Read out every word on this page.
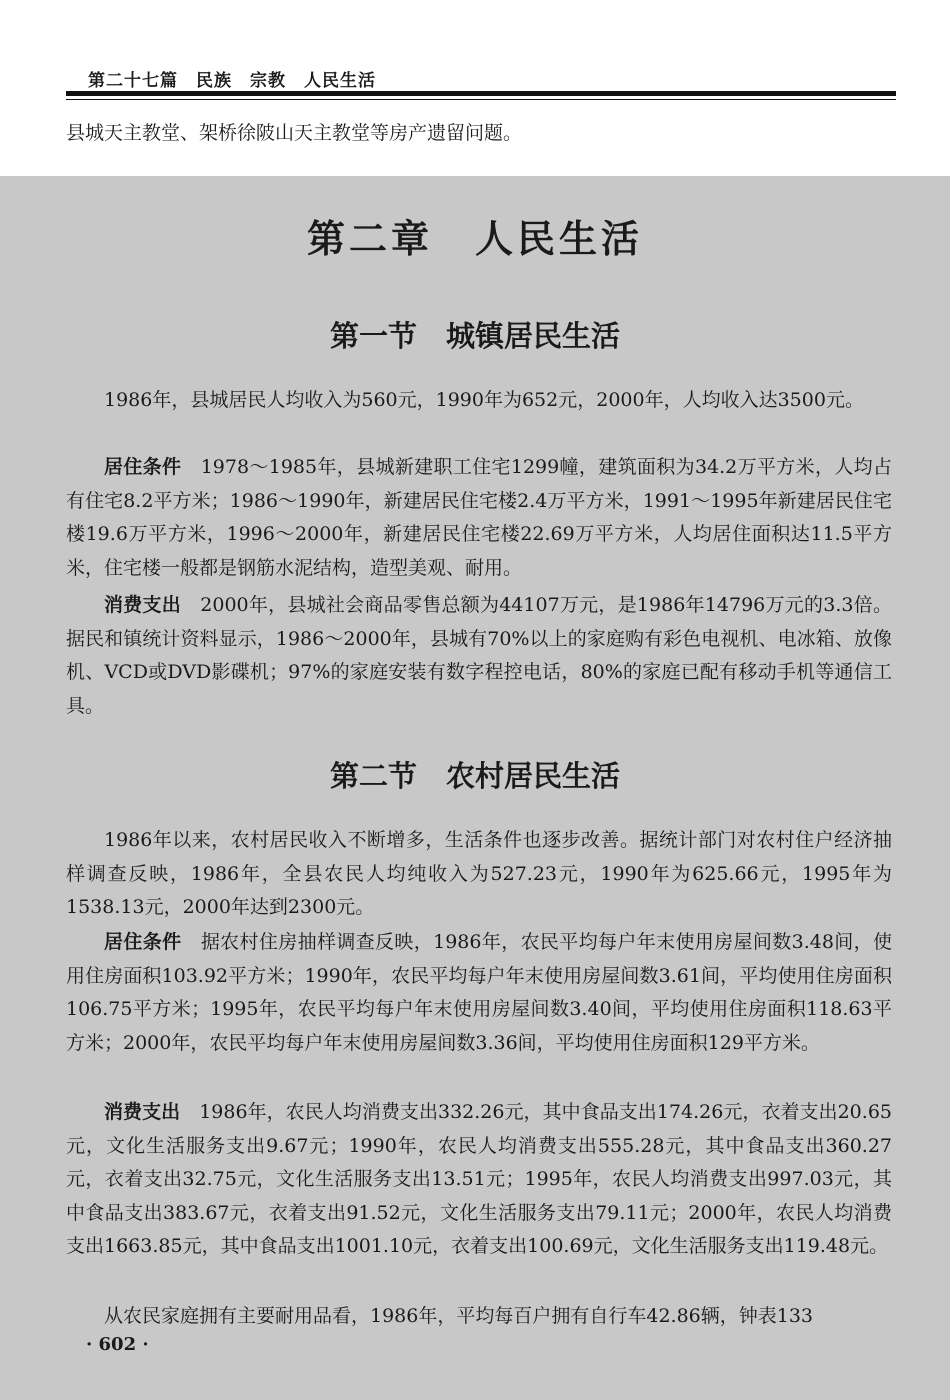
第二十七篇　民族　宗教　人民生活
县城天主教堂、架桥徐陂山天主教堂等房产遗留问题。
第二章　人民生活
第一节　城镇居民生活

1986年，县城居民人均收入为560元，1990年为652元，2000年，人均收入达3500元。

居住条件　1978～1985年，县城新建职工住宅1299幢，建筑面积为34.2万平方米，人均占有住宅8.2平方米；1986～1990年，新建居民住宅楼2.4万平方米，1991～1995年新建居民住宅楼19.6万平方米，1996～2000年，新建居民住宅楼22.69万平方米，人均居住面积达11.5平方米，住宅楼一般都是钢筋水泥结构，造型美观、耐用。

消费支出　2000年，县城社会商品零售总额为44107万元，是1986年14796万元的3.3倍。据民和镇统计资料显示，1986～2000年，县城有70%以上的家庭购有彩色电视机、电冰箱、放像机、VCD或DVD影碟机；97%的家庭安装有数字程控电话，80%的家庭已配有移动手机等通信工具。

第二节　农村居民生活

1986年以来，农村居民收入不断增多，生活条件也逐步改善。据统计部门对农村住户经济抽样调查反映，1986年，全县农民人均纯收入为527.23元，1990年为625.66元，1995年为1538.13元，2000年达到2300元。

居住条件　据农村住房抽样调查反映，1986年，农民平均每户年末使用房屋间数3.48间，使用住房面积103.92平方米；1990年，农民平均每户年末使用房屋间数3.61间，平均使用住房面积106.75平方米；1995年，农民平均每户年末使用房屋间数3.40间，平均使用住房面积118.63平方米；2000年，农民平均每户年末使用房屋间数3.36间，平均使用住房面积129平方米。

消费支出　1986年，农民人均消费支出332.26元，其中食品支出174.26元，衣着支出20.65元，文化生活服务支出9.67元；1990年，农民人均消费支出555.28元，其中食品支出360.27元，衣着支出32.75元，文化生活服务支出13.51元；1995年，农民人均消费支出997.03元，其中食品支出383.67元，衣着支出91.52元，文化生活服务支出79.11元；2000年，农民人均消费支出1663.85元，其中食品支出1001.10元，衣着支出100.69元，文化生活服务支出119.48元。

从农民家庭拥有主要耐用品看，1986年，平均每百户拥有自行车42.86辆，钟表133

· 602 ·
